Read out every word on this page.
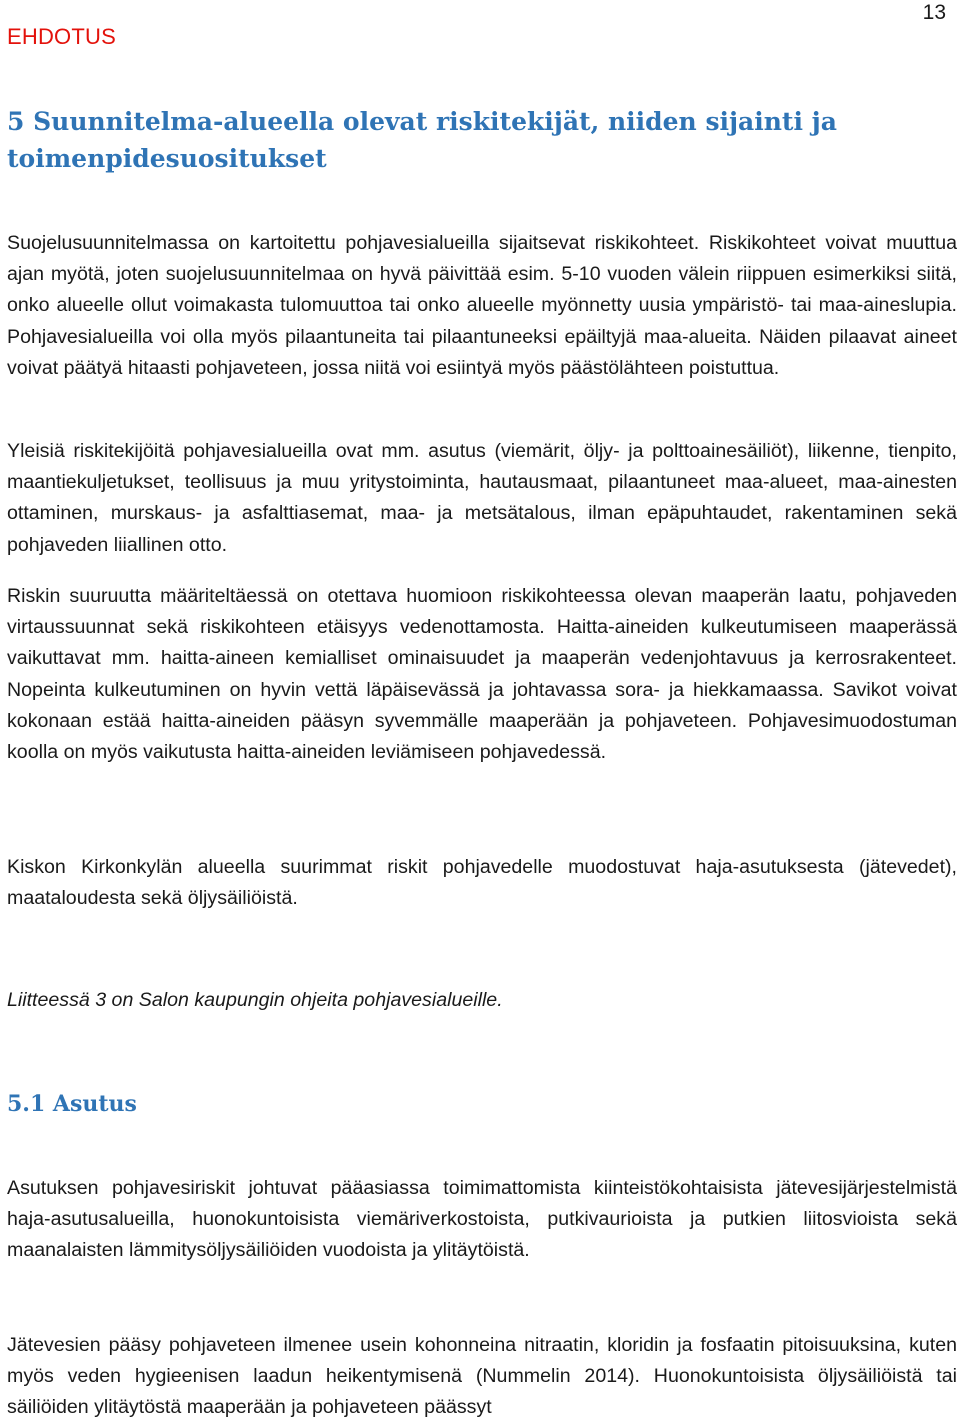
EHDOTUS
13
5 Suunnitelma-alueella olevat riskitekijät, niiden sijainti ja toimenpidesuositukset

Suojelusuunnitelmassa on kartoitettu pohjavesialueilla sijaitsevat riskikohteet. Riskikohteet voivat muuttua ajan myötä, joten suojelusuunnitelmaa on hyvä päivittää esim. 5-10 vuoden välein riippuen esimerkiksi siitä, onko alueelle ollut voimakasta tulomuuttoa tai onko alueelle myönnetty uusia ympäristö- tai maa-aineslupia. Pohjavesialueilla voi olla myös pilaantuneita tai pilaantuneeksi epäiltyjä maa-alueita. Näiden pilaavat aineet voivat päätyä hitaasti pohjaveteen, jossa niitä voi esiintyä myös päästölähteen poistuttua.

Yleisiä riskitekijöitä pohjavesialueilla ovat mm. asutus (viemärit, öljy- ja polttoainesäiliöt), liikenne, tienpito, maantiekuljetukset, teollisuus ja muu yritystoiminta, hautausmaat, pilaantuneet maa-alueet, maa-ainesten ottaminen, murskaus- ja asfalttiasemat, maa- ja metsätalous, ilman epäpuhtaudet, rakentaminen sekä pohjaveden liiallinen otto.

Riskin suuruutta määriteltäessä on otettava huomioon riskikohteessa olevan maaperän laatu, pohjaveden virtaussuunnat sekä riskikohteen etäisyys vedenottamosta. Haitta-aineiden kulkeutumiseen maaperässä vaikuttavat mm. haitta-aineen kemialliset ominaisuudet ja maaperän vedenjohtavuus ja kerrosrakenteet. Nopeinta kulkeutuminen on hyvin vettä läpäisevässä ja johtavassa sora- ja hiekkamaassa. Savikot voivat kokonaan estää haitta-aineiden pääsyn syvemmälle maaperään ja pohjaveteen. Pohjavesimuodostuman koolla on myös vaikutusta haitta-aineiden leviämiseen pohjavedessä.

Kiskon Kirkonkylän alueella suurimmat riskit pohjavedelle muodostuvat haja-asutuksesta (jätevedet), maataloudesta sekä öljysäiliöistä.

Liitteessä 3 on Salon kaupungin ohjeita pohjavesialueille.

5.1 Asutus

Asutuksen pohjavesiriskit johtuvat pääasiassa toimimattomista kiinteistökohtaisista jätevesijärjestelmistä haja-asutusalueilla, huonokuntoisista viemäriverkostoista, putkivaurioista ja putkien liitosvioista sekä maanalaisten lämmitysöljysäiliöiden vuodoista ja ylitäytöistä.

Jätevesien pääsy pohjaveteen ilmenee usein kohonneina nitraatin, kloridin ja fosfaatin pitoisuuksina, kuten myös veden hygieenisen laadun heikentymisenä (Nummelin 2014). Huonokuntoisista öljysäiliöistä tai säiliöiden ylitäytöstä maaperään ja pohjaveteen päässyt
